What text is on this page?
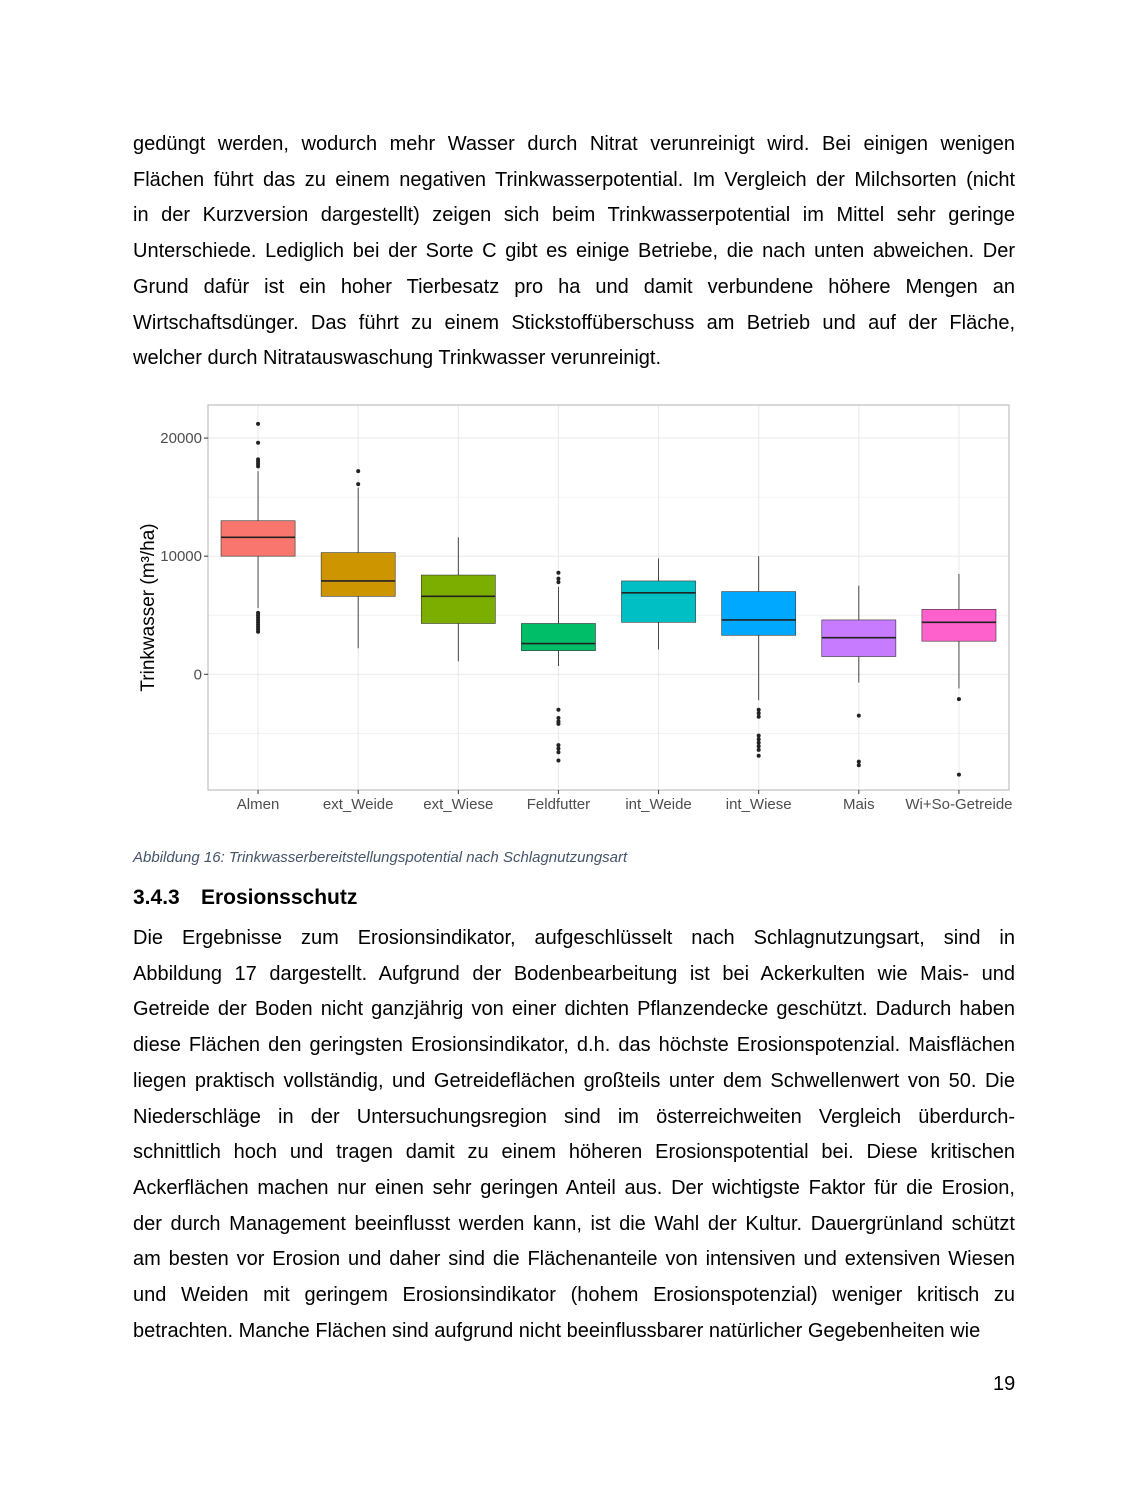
gedüngt werden, wodurch mehr Wasser durch Nitrat verunreinigt wird. Bei einigen wenigen
Flächen führt das zu einem negativen Trinkwasserpotential. Im Vergleich der Milchsorten (nicht
in der Kurzversion dargestellt) zeigen sich beim Trinkwasserpotential im Mittel sehr geringe
Unterschiede. Lediglich bei der Sorte C gibt es einige Betriebe, die nach unten abweichen. Der
Grund dafür ist ein hoher Tierbesatz pro ha und damit verbundene höhere Mengen an
Wirtschaftsdünger. Das führt zu einem Stickstoffüberschuss am Betrieb und auf der Fläche,
welcher durch Nitratauswaschung Trinkwasser verunreinigt.
0
10000
20000
Almen	ext_Weide ext_Wiese Feldfutter int_Weide int_Wiese	Mais Wi+So-Getreide
Trinkwasser (m³/ha)

Abbildung 16: Trinkwasserbereitstellungspotential nach Schlagnutzungsart

3.4.3 Erosionsschutz
Die Ergebnisse zum Erosionsindikator, aufgeschlüsselt nach Schlagnutzungsart, sind in
Abbildung 17 dargestellt. Aufgrund der Bodenbearbeitung ist bei Ackerkulten wie Mais- und
Getreide der Boden nicht ganzjährig von einer dichten Pflanzendecke geschützt. Dadurch haben
diese Flächen den geringsten Erosionsindikator, d.h. das höchste Erosionspotenzial. Maisflächen
liegen praktisch vollständig, und Getreideflächen großteils unter dem Schwellenwert von 50. Die
Niederschläge in der Untersuchungsregion sind im österreichweiten Vergleich überdurch-
schnittlich hoch und tragen damit zu einem höheren Erosionspotential bei. Diese kritischen
Ackerflächen machen nur einen sehr geringen Anteil aus. Der wichtigste Faktor für die Erosion,
der durch Management beeinflusst werden kann, ist die Wahl der Kultur. Dauergrünland schützt
am besten vor Erosion und daher sind die Flächenanteile von intensiven und extensiven Wiesen
und Weiden mit geringem Erosionsindikator (hohem Erosionspotenzial) weniger kritisch zu
betrachten. Manche Flächen sind aufgrund nicht beeinflussbarer natürlicher Gegebenheiten wie
19
